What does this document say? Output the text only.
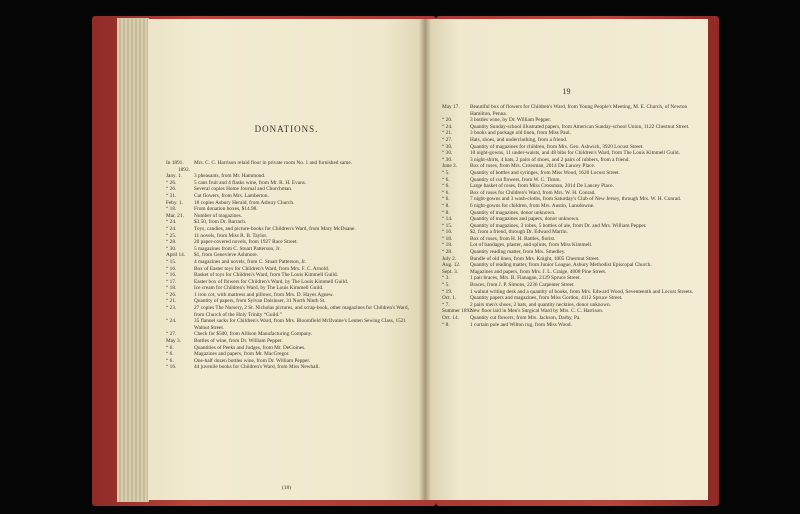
DONATIONS.
In 1891.	Mrs. C. C. Harrison relaid floor in private room No. 1 and furnished same.
1892.
Jany. 1.	3 pheasants, from Mr. Hammond.
“ 26.	5 cans fruit and 4 flasks wine, from Mr. R. H. Evans.
“ 26.	Several copies Home Journal and Churchman.
“ 31.	Cut flowers, from Mrs. Lamberton.
Feby. 1.	18 copies Asbury Herald, from Asbury Church.
“ 18.	From donation boxes, $14.98.
Mar. 21.	Number of magazines.
“ 24.	$3.50, from Dr. Barrach.
“ 24.	Toys, candies, and picture-books for Children's Ward, from Mary McDuane.
“ 25.	11 novels, from Miss R. B. Taylor.
“ 28.	20 paper-covered novels, from 1927 Race Street.
“ 30.	5 magazines from C. Stuart Patterson, Jr.
April 14.	$1, from Genevieve Ashmore.
“ 15.	4 magazines and novels, from C. Stuart Patterson, Jr.
“ 16.	Box of Easter toys for Children's Ward, from Mrs. F. C. Arnold.
“ 16.	Basket of toys for Children's Ward, from The Louis Kimmell Guild.
“ 17.	Easter box of flowers for Children's Ward, by The Louis Kimmell Guild.
“ 18.	Ice cream for Children's Ward, by The Louis Kimmell Guild.
“ 26.	1 iron cot, with mattress and pillows, from Mrs. D. Hayes Agnew.
“ 21.	Quantity of papers, from Sylvan Daisinser, 31 North Ninth St.
“ 23.	27 copies The Nursery, 2 St. Nicholas pictures, and scrap-book, other magazines for Children's Ward, from Church of the Holy Trinity “Guild.”
“ 24.	35 flannel sacks for Children's Ward, from Mrs. Bloomfield McIlvaine's Lenten Sewing Class, 1521 Walnut Street.
“ 27.	Check for $500, from Allison Manufacturing Company.
May 3.	Bottles of wine, from Dr. William Pepper.
“ 6.	Quantities of Peeks and Judges, from Mr. DeGoines.
“ 6.	Magazines and papers, from Mr. MacGregor.
“ 6.	One-half dozen bottles wine, from Dr. William Pepper.
“ 16.	44 juvenile books for Children's Ward, from Miss Newhall.
(18)
19
May 17.	Beautiful box of flowers for Children's Ward, from Young People's Meeting, M. E. Church, of Newton Hamilton, Penna.
“ 20.	3 bottles wine, by Dr. William Pepper.
“ 24.	Quantity Sunday-school illustrated papers, from American Sunday-school Union, 1122 Chestnut Street.
“ 21.	3 books and package old linen, from Miss Paul.
“ 27.	Hats, shoes, and underclothing, from a friend.
“ 30.	Quantity of magazines for children, from Mrs. Geo. Ashwick, 3920 Locust Street.
“ 30.	10 night-gowns, 11 under-waists, and 48 bibs for Children's Ward, from The Louis Kimmell Guild.
“ 30.	3 night-shirts, 4 hats, 2 pairs of shoes, and 2 pairs of rubbers, from a friend.
June 3.	Box of roses, from Mrs. Crossman, 2014 De Lancey Place.
“ 5.	Quantity of bottles and syringes, from Miss Wood, 1620 Locust Street.
“ 6.	Quantity of cut flowers, from W. C. Timm.
“ 6.	Large basket of roses, from Miss Crossman, 2014 De Lancey Place.
“ 6.	Box of roses for Children's Ward, from Mrs. W. H. Conrad.
“ 6.	7 night-gowns and 3 wash-cloths, from Saturday's Club of New Jersey, through Mrs. W. H. Conrad.
“ 8.	6 night-gowns for children, from Mrs. Austin, Lansdowne.
“ 8.	Quantity of magazines, donor unknown.
“ 14.	Quantity of magazines and papers, donor unknown.
“ 15.	Quantity of magazines, 3 robes, 5 bottles of ale, from Dr. and Mrs. William Pepper.
“ 16.	$2, from a friend, through Dr. Edward Martin.
“ 18.	Box of roses, from H. H. Battles, florist.
“ 18.	Lot of bandages, plaster, and splints, from Miss Kimmell.
“ 28.	Quantity reading matter, from Mrs. Smedley.
July 2.	Bundle of old linen, from Mrs. Knight, 1005 Chestnut Street.
Aug. 12.	Quantity of reading matter, from Junior League, Asbury Methodist Episcopal Church.
Sept. 3.	Magazines and papers, from Mrs. J. L. Craige, 4008 Pine Street.
“ 3.	1 pair braces, Mrs. B. Flanagan, 2129 Spruce Street.
“ 5.	Braces, from J. P. Simons, 2236 Carpenter Street.
“ 19.	1 walnut writing desk and a quantity of books, from Mrs. Edward Wood, Seventeenth and Locust Streets.
Oct. 1.	Quantity papers and magazines, from Miss Gordon, 4112 Spruce Street.
“ 7.	2 pairs men's shoes, 2 hats, and quantity neckties, donor unknown.
Summer 1892.
New floor laid in Men's Surgical Ward by Mrs. C. C. Harrison.
Oct. 14.	Quantity cut flowers, from Mrs. Jackson, Darby, Pa.
“ 8.	1 curtain pole and Wilton rug, from Miss Wood.
